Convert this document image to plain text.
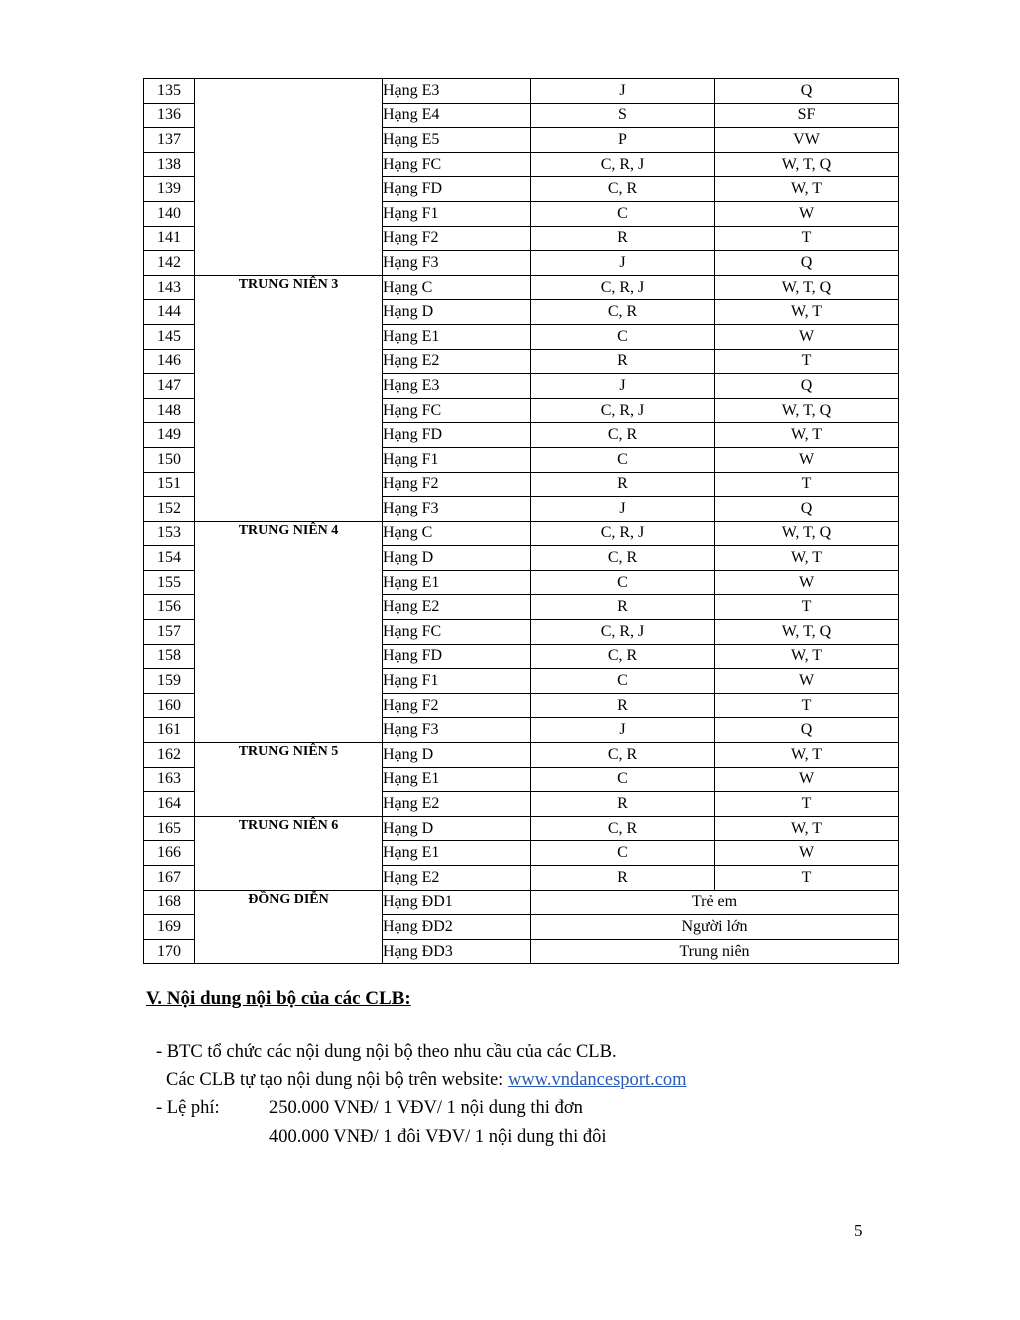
135		Hạng E3	J	Q
136		Hạng E4	S	SF
137		Hạng E5	P	VW
138		Hạng FC	C, R, J	W, T, Q
139		Hạng FD	C, R	W, T
140		Hạng F1	C	W
141		Hạng F2	R	T
142		Hạng F3	J	Q
143	TRUNG NIÊN 3	Hạng C	C, R, J	W, T, Q
144		Hạng D	C, R	W, T
145		Hạng E1	C	W
146		Hạng E2	R	T
147		Hạng E3	J	Q
148		Hạng FC	C, R, J	W, T, Q
149		Hạng FD	C, R	W, T
150		Hạng F1	C	W
151		Hạng F2	R	T
152		Hạng F3	J	Q
153	TRUNG NIÊN 4	Hạng C	C, R, J	W, T, Q
154		Hạng D	C, R	W, T
155		Hạng E1	C	W
156		Hạng E2	R	T
157		Hạng FC	C, R, J	W, T, Q
158		Hạng FD	C, R	W, T
159		Hạng F1	C	W
160		Hạng F2	R	T
161		Hạng F3	J	Q
162	TRUNG NIÊN 5	Hạng D	C, R	W, T
163		Hạng E1	C	W
164		Hạng E2	R	T
165	TRUNG NIÊN 6	Hạng D	C, R	W, T
166		Hạng E1	C	W
167		Hạng E2	R	T
168	ĐỒNG DIỄN	Hạng ĐD1	Trẻ em	
169		Hạng ĐD2	Người lớn	
170		Hạng ĐD3	Trung niên	
V. Nội dung nội bộ của các CLB:

- BTC tổ chức các nội dung nội bộ theo nhu cầu của các CLB.

Các CLB tự tạo nội dung nội bộ trên website: www.vndancesport.com

- Lệ phí:	250.000 VNĐ/ 1 VĐV/ 1 nội dung thi đơn

400.000 VNĐ/ 1 đôi VĐV/ 1 nội dung thi đôi

5
